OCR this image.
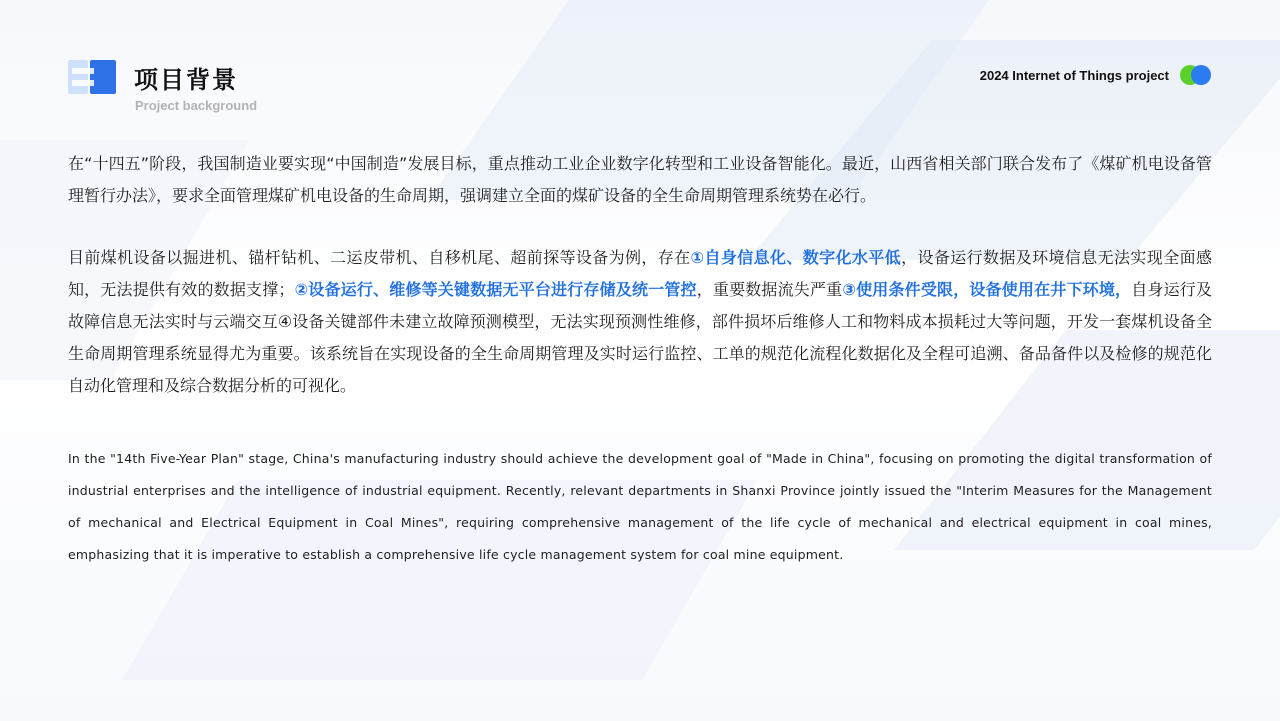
项目背景
Project background
2024 Internet of Things project

在“十四五”阶段，我国制造业要实现“中国制造”发展目标，重点推动工业企业数字化转型和工业设备智能化。最近，山西省相关部门联合发布了《煤矿机电设备管理暂行办法》，要求全面管理煤矿机电设备的生命周期，强调建立全面的煤矿设备的全生命周期管理系统势在必行。

目前煤机设备以掘进机、锚杆钻机、二运皮带机、自移机尾、超前探等设备为例，存在①自身信息化、数字化水平低，设备运行数据及环境信息无法实现全面感知，无法提供有效的数据支撑；②设备运行、维修等关键数据无平台进行存储及统一管控，重要数据流失严重③使用条件受限，设备使用在井下环境，自身运行及故障信息无法实时与云端交互④设备关键部件未建立故障预测模型，无法实现预测性维修，部件损坏后维修人工和物料成本损耗过大等问题，开发一套煤机设备全生命周期管理系统显得尤为重要。该系统旨在实现设备的全生命周期管理及实时运行监控、工单的规范化流程化数据化及全程可追溯、备品备件以及检修的规范化自动化管理和及综合数据分析的可视化。

In the "14th Five-Year Plan" stage, China's manufacturing industry should achieve the development goal of "Made in China", focusing on promoting the digital transformation of industrial enterprises and the intelligence of industrial equipment. Recently, relevant departments in Shanxi Province jointly issued the "Interim Measures for the Management of mechanical and Electrical Equipment in Coal Mines", requiring comprehensive management of the life cycle of mechanical and electrical equipment in coal mines, emphasizing that it is imperative to establish a comprehensive life cycle management system for coal mine equipment.
